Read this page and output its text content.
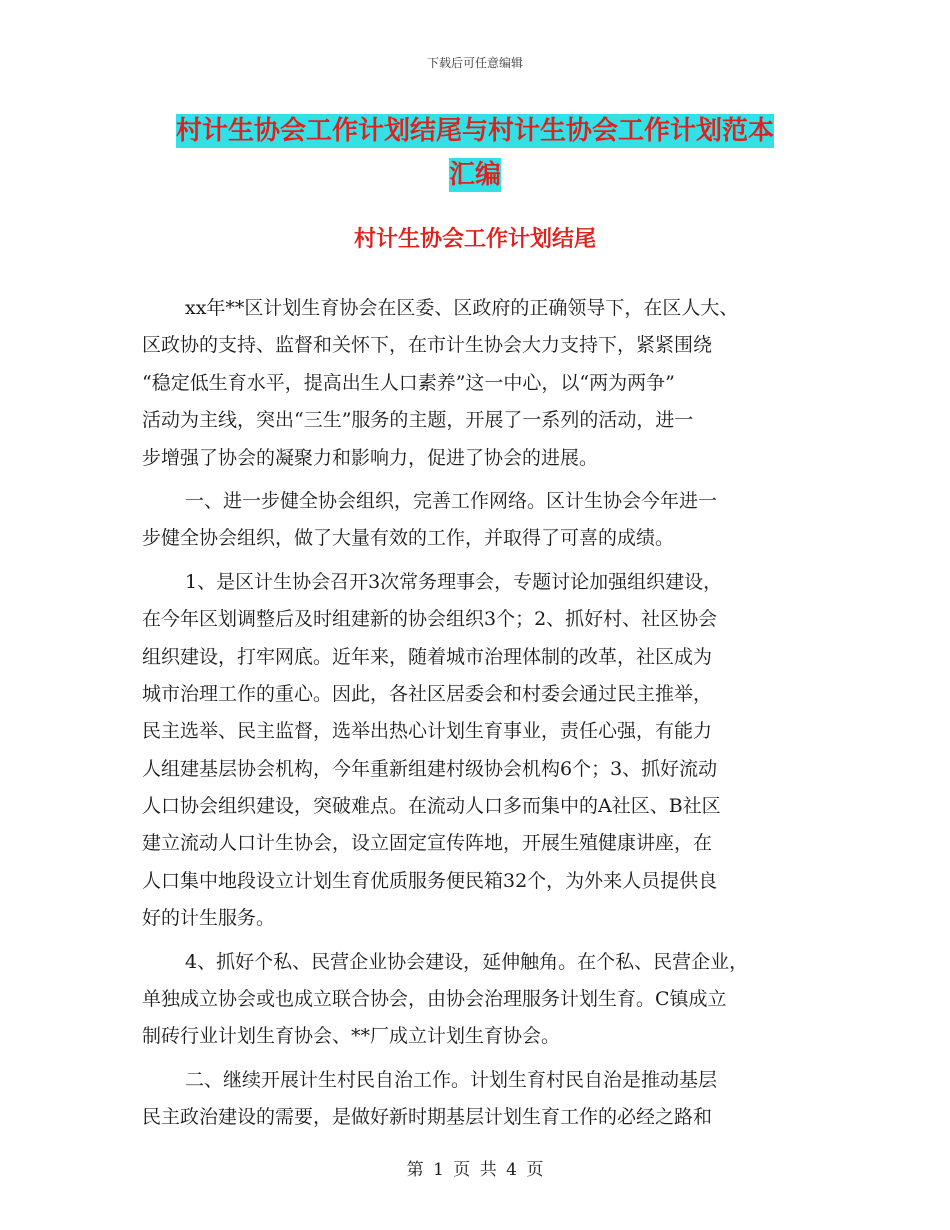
下载后可任意编辑
村计生协会工作计划结尾与村计生协会工作计划范本
汇编
村计生协会工作计划结尾
xx年**区计划生育协会在区委、区政府的正确领导下，在区人大、
区政协的支持、监督和关怀下，在市计生协会大力支持下，紧紧围绕
“稳定低生育水平，提高出生人口素养”这一中心，以“两为两争”
活动为主线，突出“三生”服务的主题，开展了一系列的活动，进一
步增强了协会的凝聚力和影响力，促进了协会的进展。
一、进一步健全协会组织，完善工作网络。区计生协会今年进一
步健全协会组织，做了大量有效的工作，并取得了可喜的成绩。
1、是区计生协会召开3次常务理事会，专题讨论加强组织建设，
在今年区划调整后及时组建新的协会组织3个；2、抓好村、社区协会
组织建设，打牢网底。近年来，随着城市治理体制的改革，社区成为
城市治理工作的重心。因此，各社区居委会和村委会通过民主推举，
民主选举、民主监督，选举出热心计划生育事业，责任心强，有能力
人组建基层协会机构，今年重新组建村级协会机构6个；3、抓好流动
人口协会组织建设，突破难点。在流动人口多而集中的A社区、B社区
建立流动人口计生协会，设立固定宣传阵地，开展生殖健康讲座，在
人口集中地段设立计划生育优质服务便民箱32个，为外来人员提供良
好的计生服务。
4、抓好个私、民营企业协会建设，延伸触角。在个私、民营企业，
单独成立协会或也成立联合协会，由协会治理服务计划生育。C镇成立
制砖行业计划生育协会、**厂成立计划生育协会。
二、继续开展计生村民自治工作。计划生育村民自治是推动基层
民主政治建设的需要，是做好新时期基层计划生育工作的必经之路和
第 1 页 共 4 页
